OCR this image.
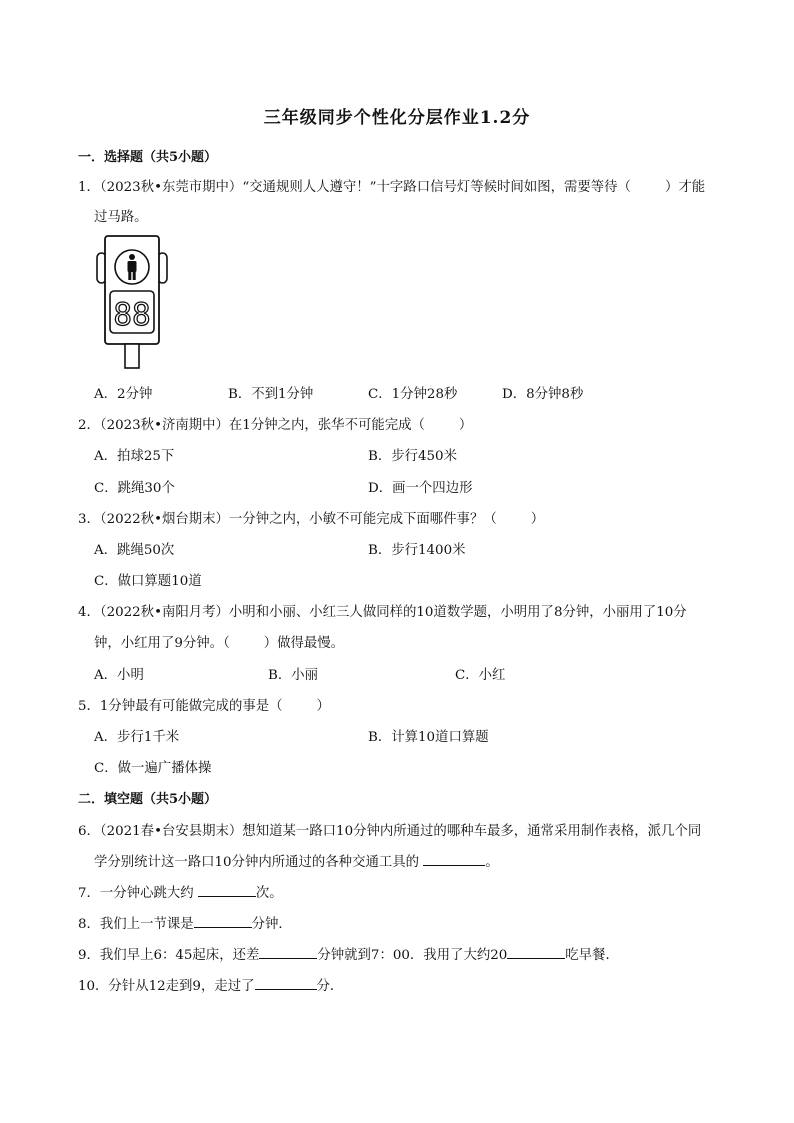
三年级同步个性化分层作业1.2分
一．选择题（共5小题）
1．（2023秋•东莞市期中）“交通规则人人遵守！”十字路口信号灯等候时间如图，需要等待（	）才能
过马路。
88
A．2分钟	B．不到1分钟	C．1分钟28秒	D．8分钟8秒
2．（2023秋•济南期中）在1分钟之内，张华不可能完成（	）
A．拍球25下	B．步行450米
C．跳绳30个	D．画一个四边形
3．（2022秋•烟台期末）一分钟之内，小敏不可能完成下面哪件事？（	）
A．跳绳50次	B．步行1400米
C．做口算题10道
4．（2022秋•南阳月考）小明和小丽、小红三人做同样的10道数学题，小明用了8分钟，小丽用了10分
钟，小红用了9分钟。（	）做得最慢。
A．小明	B．小丽	C．小红
5．1分钟最有可能做完成的事是（	）
A．步行1千米	B．计算10道口算题
C．做一遍广播体操
二．填空题（共5小题）
6．（2021春•台安县期末）想知道某一路口10分钟内所通过的哪种车最多，通常采用制作表格，派几个同
学分别统计这一路口10分钟内所通过的各种交通工具的	。
7．一分钟心跳大约	次。
8．我们上一节课是	分钟．
9．我们早上6：45起床，还差	分钟就到7：00．我用了大约20	吃早餐．
10．分针从12走到9，走过了	分．
